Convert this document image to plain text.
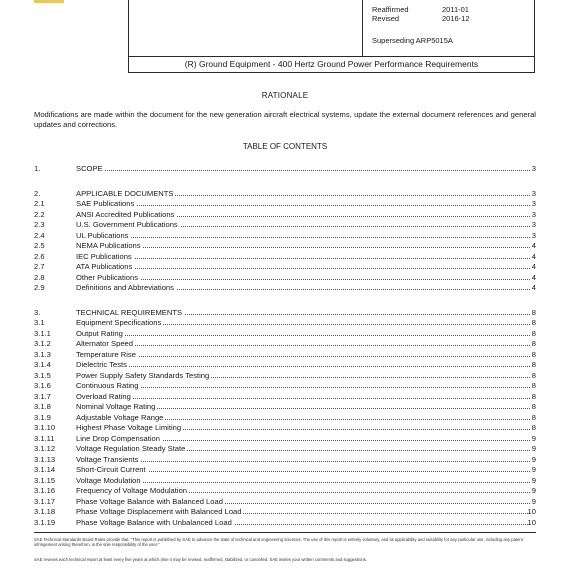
Reaffirmed	2011-01
Revised	2016-12
Superseding ARP5015A
(R) Ground Equipment - 400 Hertz Ground Power Performance Requirements
RATIONALE
Modifications are made within the document for the new generation aircraft electrical systems, update the external document references and general updates and corrections.
TABLE OF CONTENTS
1.	SCOPE	3
2.	APPLICABLE DOCUMENTS	3
2.1	SAE Publications	3
2.2	ANSI Accredited Publications	3
2.3	U.S. Government Publications	3
2.4	UL Publications	3
2.5	NEMA Publications	4
2.6	IEC Publications	4
2.7	ATA Publications	4
2.8	Other Publications	4
2.9	Definitions and Abbreviations	4
3.	TECHNICAL REQUIREMENTS	8
3.1	Equipment Specifications	8
3.1.1	Output Rating	8
3.1.2	Alternator Speed	8
3.1.3	Temperature Rise	8
3.1.4	Dielectric Tests	8
3.1.5	Power Supply Safety Standards Testing	8
3.1.6	Continuous Rating	8
3.1.7	Overload Rating	8
3.1.8	Nominal Voltage Rating	8
3.1.9	Adjustable Voltage Range	8
3.1.10	Highest Phase Voltage Limiting	8
3.1.11	Line Drop Compensation	9
3.1.12	Voltage Regulation Steady State	9
3.1.13	Voltage Transients	9
3.1.14	Short-Circuit Current	9
3.1.15	Voltage Modulation	9
3.1.16	Frequency of Voltage Modulation	9
3.1.17	Phase Voltage Balance with Balanced Load	9
3.1.18	Phase Voltage Displacement with Balanced Load	10
3.1.19	Phase Voltage Balance with Unbalanced Load	10
SAE Technical Standards Board Rules provide that: "This report is published by SAE to advance the state of technical and engineering sciences. The use of this report is entirely voluntary, and its applicability and suitability for any particular use, including any patent infringement arising therefrom, is the sole responsibility of the user."
SAE reviews each technical report at least every five years at which time it may be revised, reaffirmed, stabilized, or cancelled. SAE invites your written comments and suggestions.
